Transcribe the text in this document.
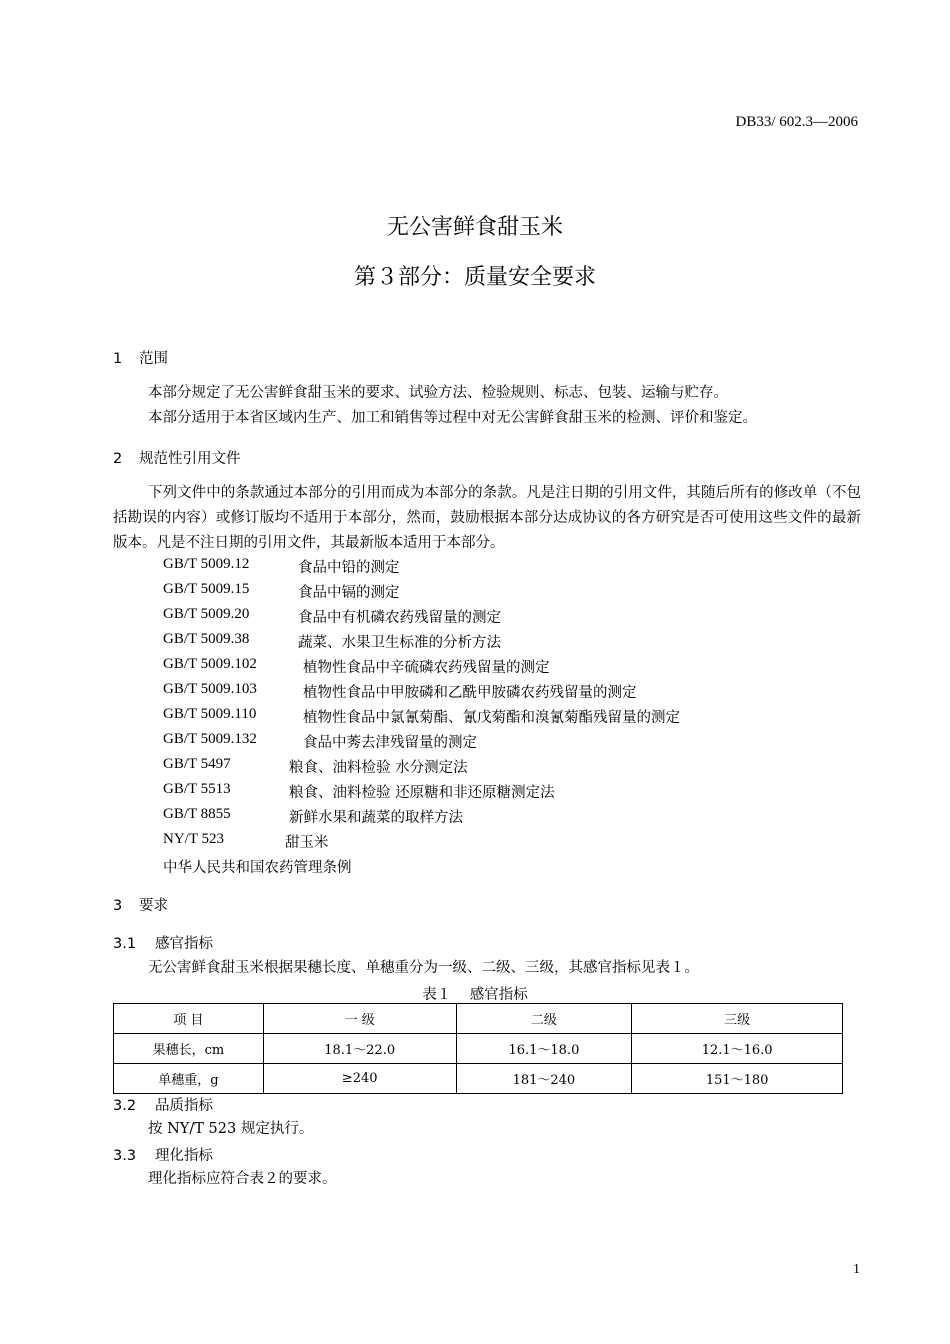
DB33/ 602.3—2006
无公害鲜食甜玉米
第３部分：质量安全要求
1 范围
本部分规定了无公害鲜食甜玉米的要求、试验方法、检验规则、标志、包装、运输与贮存。
本部分适用于本省区域内生产、加工和销售等过程中对无公害鲜食甜玉米的检测、评价和鉴定。
2 规范性引用文件
下列文件中的条款通过本部分的引用而成为本部分的条款。凡是注日期的引用文件，其随后所有的修改单（不包括勘误的内容）或修订版均不适用于本部分，然而，鼓励根据本部分达成协议的各方研究是否可使用这些文件的最新版本。凡是不注日期的引用文件，其最新版本适用于本部分。
GB/T 5009.12	食品中铅的测定
GB/T 5009.15	食品中镉的测定
GB/T 5009.20	食品中有机磷农药残留量的测定
GB/T 5009.38	蔬菜、水果卫生标准的分析方法
GB/T 5009.102	植物性食品中辛硫磷农药残留量的测定
GB/T 5009.103	植物性食品中甲胺磷和乙酰甲胺磷农药残留量的测定
GB/T 5009.110	植物性食品中氯氰菊酯、氰戊菊酯和溴氰菊酯残留量的测定
GB/T 5009.132	食品中莠去津残留量的测定
GB/T 5497	粮食、油料检验 水分测定法
GB/T 5513	粮食、油料检验 还原糖和非还原糖测定法
GB/T 8855	新鲜水果和蔬菜的取样方法
NY/T 523	甜玉米
中华人民共和国农药管理条例
3 要求
3.1 感官指标
无公害鲜食甜玉米根据果穗长度、单穗重分为一级、二级、三级，其感官指标见表１。
表１ 感官指标
项 目	一 级	二级	三级
果穗长，cm	18.1～22.0	16.1～18.0	12.1～16.0
单穗重，g	≥240	181～240	151～180
3.2 品质指标
按 NY/T 523 规定执行。
3.3 理化指标
理化指标应符合表２的要求。
1
